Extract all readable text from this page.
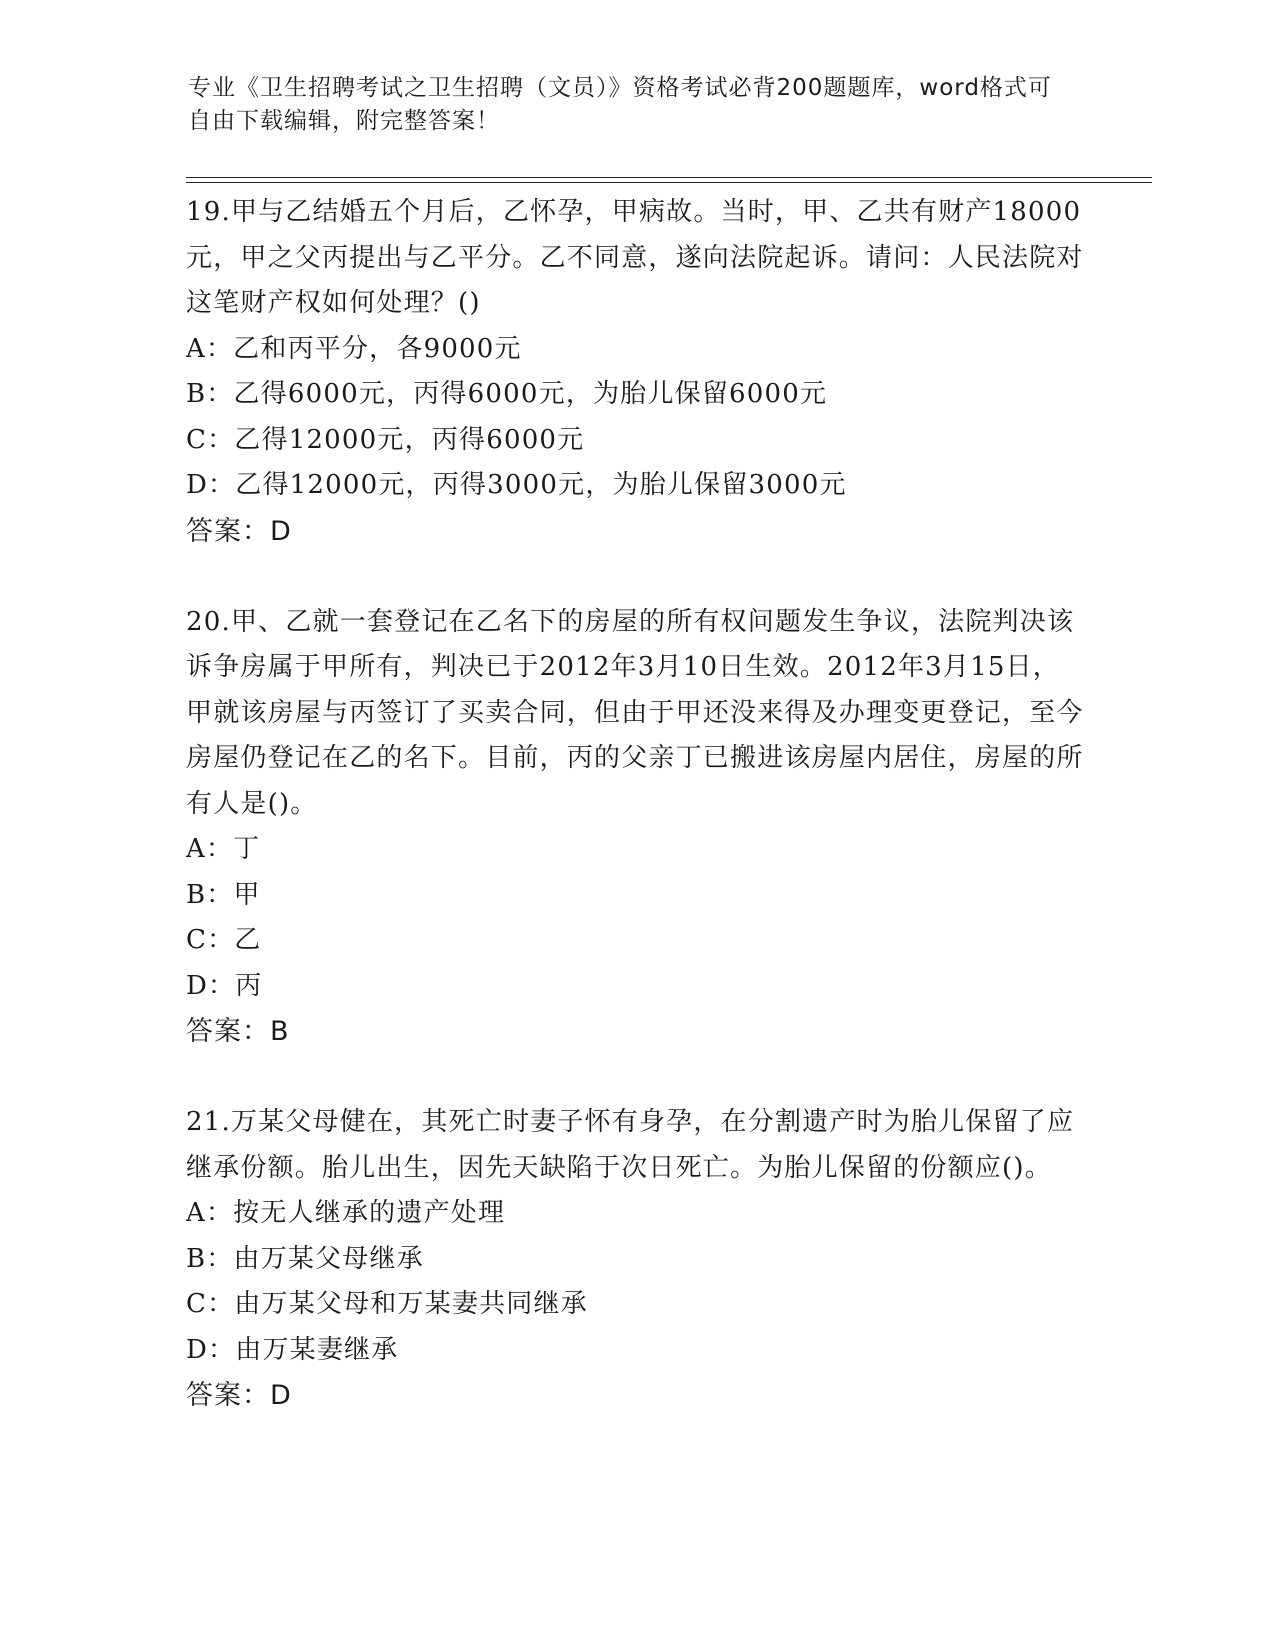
专业《卫生招聘考试之卫生招聘（文员）》资格考试必背200题题库，word格式可自由下载编辑，附完整答案！

19.甲与乙结婚五个月后，乙怀孕，甲病故。当时，甲、乙共有财产18000元，甲之父丙提出与乙平分。乙不同意，遂向法院起诉。请问：人民法院对这笔财产权如何处理？()

A：乙和丙平分，各9000元

B：乙得6000元，丙得6000元，为胎儿保留6000元

C：乙得12000元，丙得6000元

D：乙得12000元，丙得3000元，为胎儿保留3000元

答案：D

20.甲、乙就一套登记在乙名下的房屋的所有权问题发生争议，法院判决该诉争房属于甲所有，判决已于2012年3月10日生效。2012年3月15日，甲就该房屋与丙签订了买卖合同，但由于甲还没来得及办理变更登记，至今房屋仍登记在乙的名下。目前，丙的父亲丁已搬进该房屋内居住，房屋的所有人是()。

A：丁

B：甲

C：乙

D：丙

答案：B

21.万某父母健在，其死亡时妻子怀有身孕，在分割遗产时为胎儿保留了应继承份额。胎儿出生，因先天缺陷于次日死亡。为胎儿保留的份额应()。

A：按无人继承的遗产处理

B：由万某父母继承

C：由万某父母和万某妻共同继承

D：由万某妻继承

答案：D
